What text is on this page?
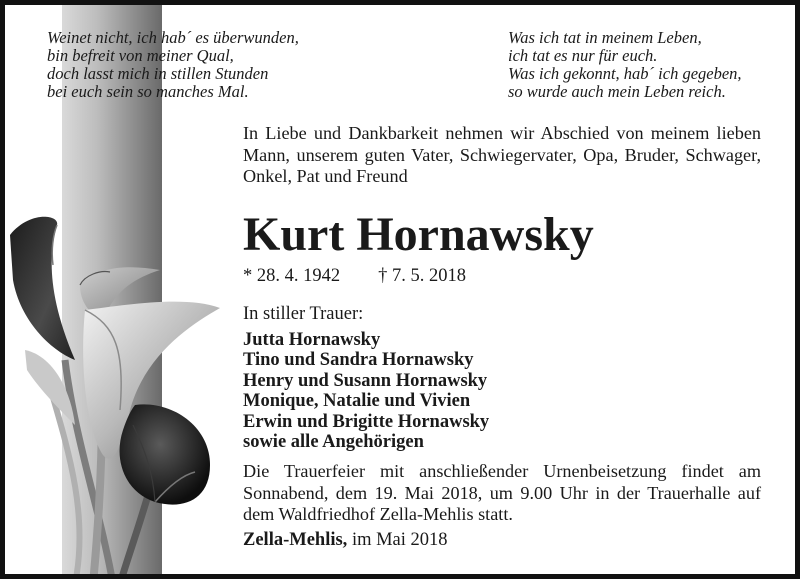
Weinet nicht, ich hab´ es überwunden,
bin befreit von meiner Qual,
doch lasst mich in stillen Stunden
bei euch sein so manches Mal.
Was ich tat in meinem Leben,
ich tat es nur für euch.
Was ich gekonnt, hab´ ich gegeben,
so wurde auch mein Leben reich.
In Liebe und Dankbarkeit nehmen wir Abschied von meinem lieben Mann, unserem guten Vater, Schwiegervater, Opa, Bruder, Schwager, Onkel, Pat und Freund
Kurt Hornawsky
* 28. 4. 1942 † 7. 5. 2018
In stiller Trauer:
Jutta Hornawsky
Tino und Sandra Hornawsky
Henry und Susann Hornawsky
Monique, Natalie und Vivien
Erwin und Brigitte Hornawsky
sowie alle Angehörigen
Die Trauerfeier mit anschließender Urnenbeisetzung findet am Sonnabend, dem 19. Mai 2018, um 9.00 Uhr in der Trauerhalle auf dem Waldfriedhof Zella-Mehlis statt.
Zella-Mehlis, im Mai 2018
